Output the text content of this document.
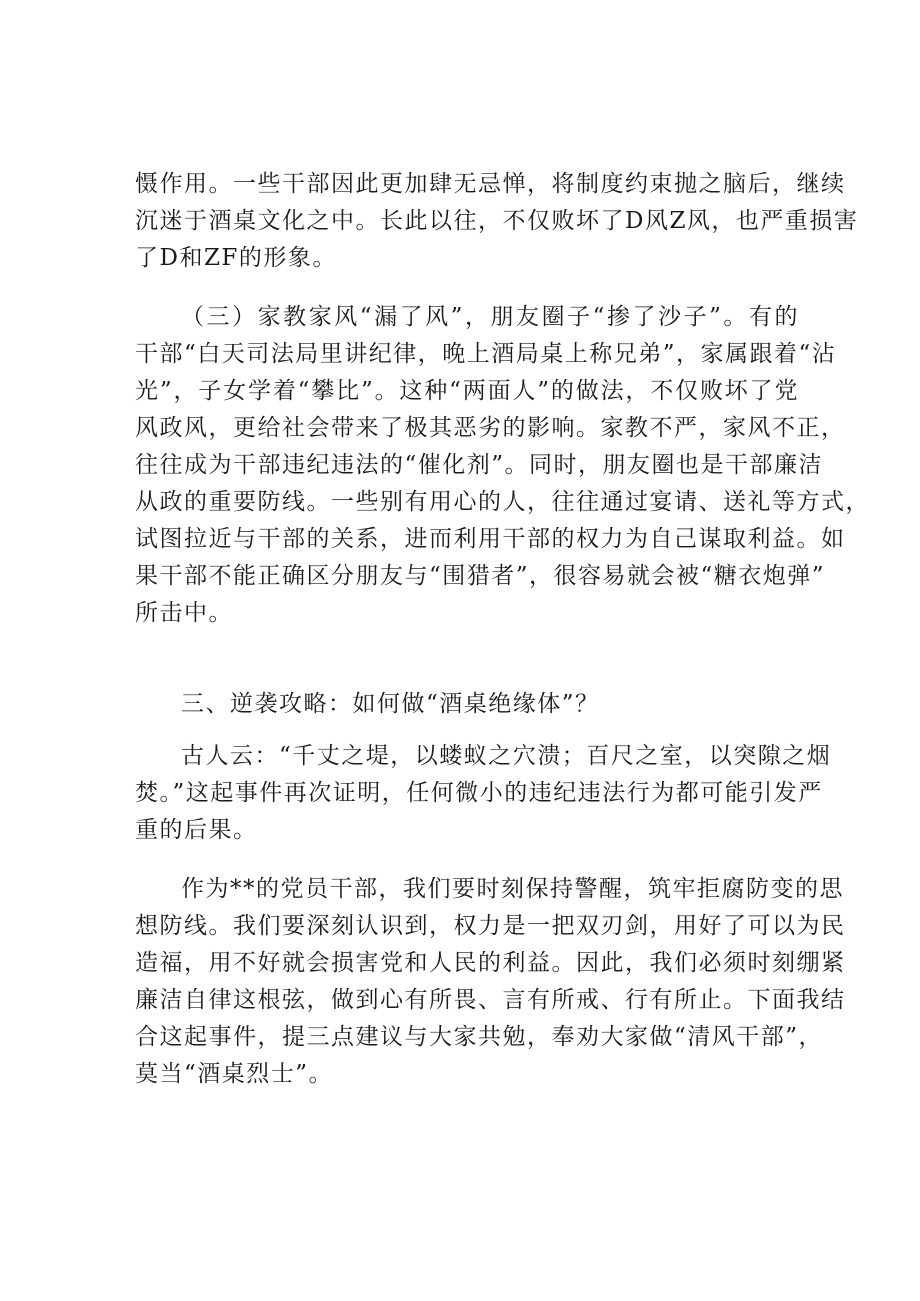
慑作用。一些干部因此更加肆无忌惮，将制度约束抛之脑后，继续
沉迷于酒桌文化之中。长此以往，不仅败坏了D风Z风，也严重损害
了D和ZF的形象。
（三）家教家风“漏了风”，朋友圈子“掺了沙子”。有的
干部“白天司法局里讲纪律，晚上酒局桌上称兄弟”，家属跟着“沾
光”，子女学着“攀比”。这种“两面人”的做法，不仅败坏了党
风政风，更给社会带来了极其恶劣的影响。家教不严，家风不正，
往往成为干部违纪违法的“催化剂”。同时，朋友圈也是干部廉洁
从政的重要防线。一些别有用心的人，往往通过宴请、送礼等方式，
试图拉近与干部的关系，进而利用干部的权力为自己谋取利益。如
果干部不能正确区分朋友与“围猎者”，很容易就会被“糖衣炮弹”
所击中。
三、逆袭攻略：如何做“酒桌绝缘体”？
古人云：“千丈之堤，以蝼蚁之穴溃；百尺之室，以突隙之烟
焚。”这起事件再次证明，任何微小的违纪违法行为都可能引发严
重的后果。
作为**的党员干部，我们要时刻保持警醒，筑牢拒腐防变的思
想防线。我们要深刻认识到，权力是一把双刃剑，用好了可以为民
造福，用不好就会损害党和人民的利益。因此，我们必须时刻绷紧
廉洁自律这根弦，做到心有所畏、言有所戒、行有所止。下面我结
合这起事件，提三点建议与大家共勉，奉劝大家做“清风干部”，
莫当“酒桌烈士”。
